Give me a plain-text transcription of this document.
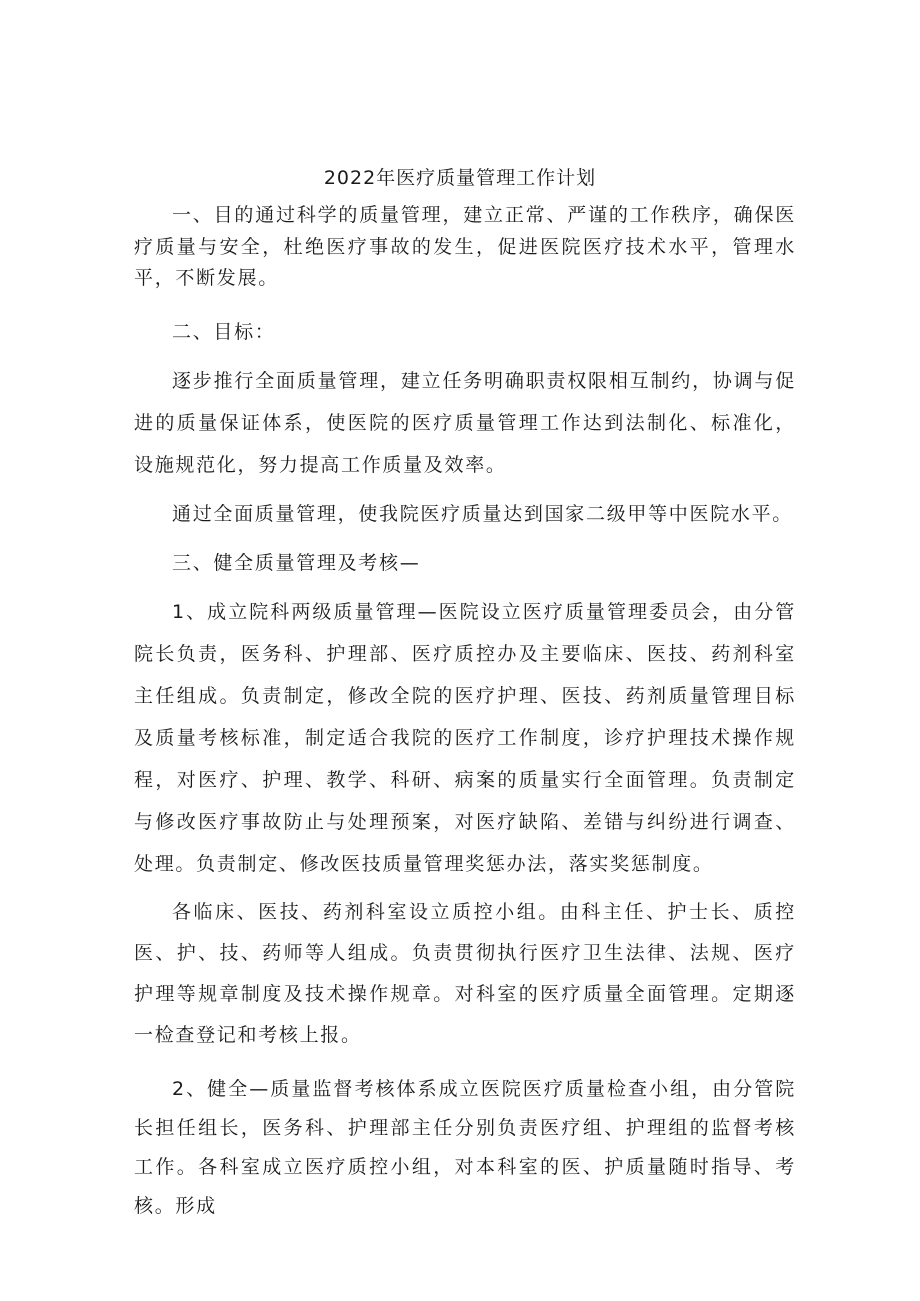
2022年医疗质量管理工作计划

一、目的通过科学的质量管理，建立正常、严谨的工作秩序，确保医疗质量与安全，杜绝医疗事故的发生，促进医院医疗技术水平，管理水平，不断发展。

二、目标：

逐步推行全面质量管理，建立任务明确职责权限相互制约，协调与促进的质量保证体系，使医院的医疗质量管理工作达到法制化、标准化，设施规范化，努力提高工作质量及效率。

通过全面质量管理，使我院医疗质量达到国家二级甲等中医院水平。

三、健全质量管理及考核—

1、成立院科两级质量管理—医院设立医疗质量管理委员会，由分管院长负责，医务科、护理部、医疗质控办及主要临床、医技、药剂科室主任组成。负责制定，修改全院的医疗护理、医技、药剂质量管理目标及质量考核标准，制定适合我院的医疗工作制度，诊疗护理技术操作规程，对医疗、护理、教学、科研、病案的质量实行全面管理。负责制定与修改医疗事故防止与处理预案，对医疗缺陷、差错与纠纷进行调查、处理。负责制定、修改医技质量管理奖惩办法，落实奖惩制度。

各临床、医技、药剂科室设立质控小组。由科主任、护士长、质控医、护、技、药师等人组成。负责贯彻执行医疗卫生法律、法规、医疗护理等规章制度及技术操作规章。对科室的医疗质量全面管理。定期逐一检查登记和考核上报。

2、健全—质量监督考核体系成立医院医疗质量检查小组，由分管院长担任组长，医务科、护理部主任分别负责医疗组、护理组的监督考核工作。各科室成立医疗质控小组，对本科室的医、护质量随时指导、考核。形成
